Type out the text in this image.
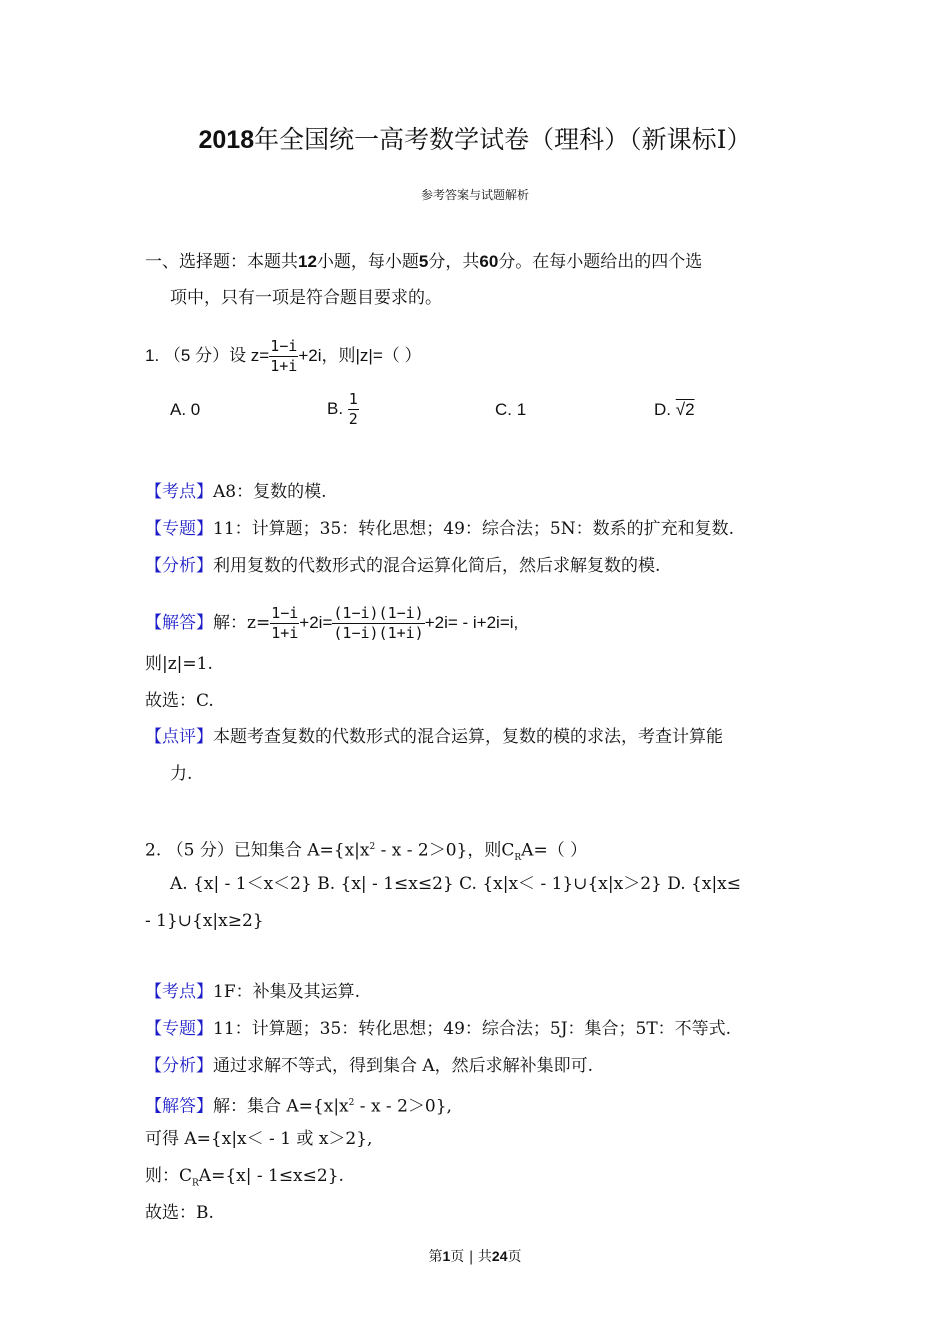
2018年全国统一高考数学试卷（理科）（新课标Ⅰ）
参考答案与试题解析
一、选择题：本题共12小题，每小题5分，共60分。在每小题给出的四个选
项中，只有一项是符合题目要求的。
1. （5 分）设 $z= \frac{1-i}{1+i} +2i$，则|z|=（ ）
A. 0	B. $\frac{1}{2}$	C. 1	D. √2
【考点】A8：复数的模.
【专题】11：计算题；35：转化思想；49：综合法；5N：数系的扩充和复数.
【分析】利用复数的代数形式的混合运算化简后，然后求解复数的模.
【解答】解：$z= \frac{1-i}{1+i} +2i= \frac{(1-i)(1-i)}{(1-i)(1+i)} +2i= - i+2i=i$,
则|z|=1.
故选：C.
【点评】本题考查复数的代数形式的混合运算，复数的模的求法，考查计算能
力.
2. （5 分）已知集合 $A=\{x|x^2 - x - 2>0\}$，则$C_RA=$（ ）
A. {x| - 1＜x＜2} B. {x| - 1≤x≤2} C. {x|x＜ - 1}∪{x|x＞2} D. {x|x≤
- 1}∪{x|x≥2}
【考点】1F：补集及其运算.
【专题】11：计算题；35：转化思想；49：综合法；5J：集合；5T：不等式.
【分析】通过求解不等式，得到集合 A，然后求解补集即可.
【解答】解：集合 $A=\{x|x^2 - x - 2>0\}$,
可得 A={x|x＜ - 1 或 x＞2},
则：$C_RA=\{x| - 1\le x\le 2\}$.
故选：B.
第1页 | 共24页
